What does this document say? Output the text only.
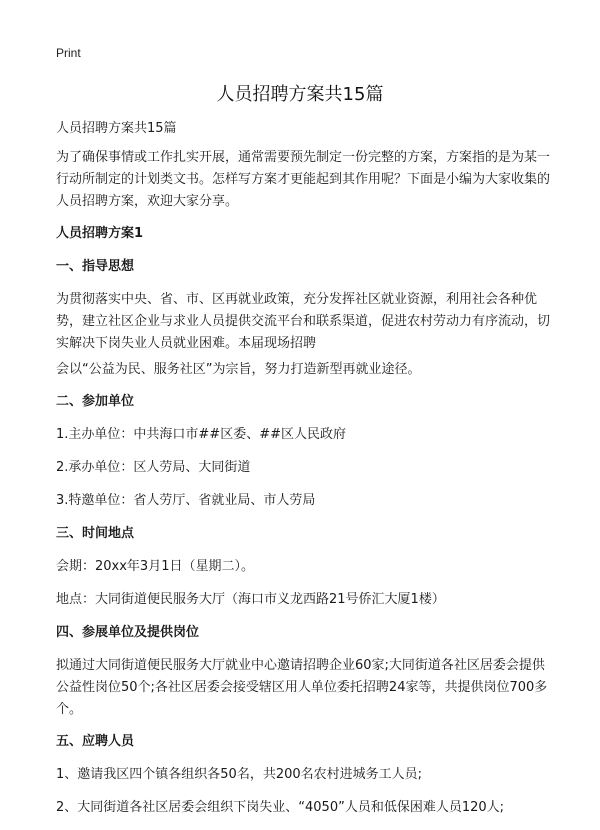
Print
人员招聘方案共15篇

人员招聘方案共15篇

为了确保事情或工作扎实开展，通常需要预先制定一份完整的方案，方案指的是为某一行动所制定的计划类文书。怎样写方案才更能起到其作用呢？下面是小编为大家收集的人员招聘方案，欢迎大家分享。

人员招聘方案1

一、指导思想

为贯彻落实中央、省、市、区再就业政策，充分发挥社区就业资源，利用社会各种优势，建立社区企业与求业人员提供交流平台和联系渠道，促进农村劳动力有序流动，切实解决下岗失业人员就业困难。本届现场招聘

会以“公益为民、服务社区”为宗旨，努力打造新型再就业途径。

二、参加单位

1.主办单位：中共海口市##区委、##区人民政府

2.承办单位：区人劳局、大同街道

3.特邀单位：省人劳厅、省就业局、市人劳局

三、时间地点

会期：20xx年3月1日（星期二）。

地点：大同街道便民服务大厅（海口市义龙西路21号侨汇大厦1楼）

四、参展单位及提供岗位

拟通过大同街道便民服务大厅就业中心邀请招聘企业60家;大同街道各社区居委会提供公益性岗位50个;各社区居委会接受辖区用人单位委托招聘24家等，共提供岗位700多个。

五、应聘人员

1、邀请我区四个镇各组织各50名，共200名农村进城务工人员;

2、大同街道各社区居委会组织下岗失业、“4050”人员和低保困难人员120人;
